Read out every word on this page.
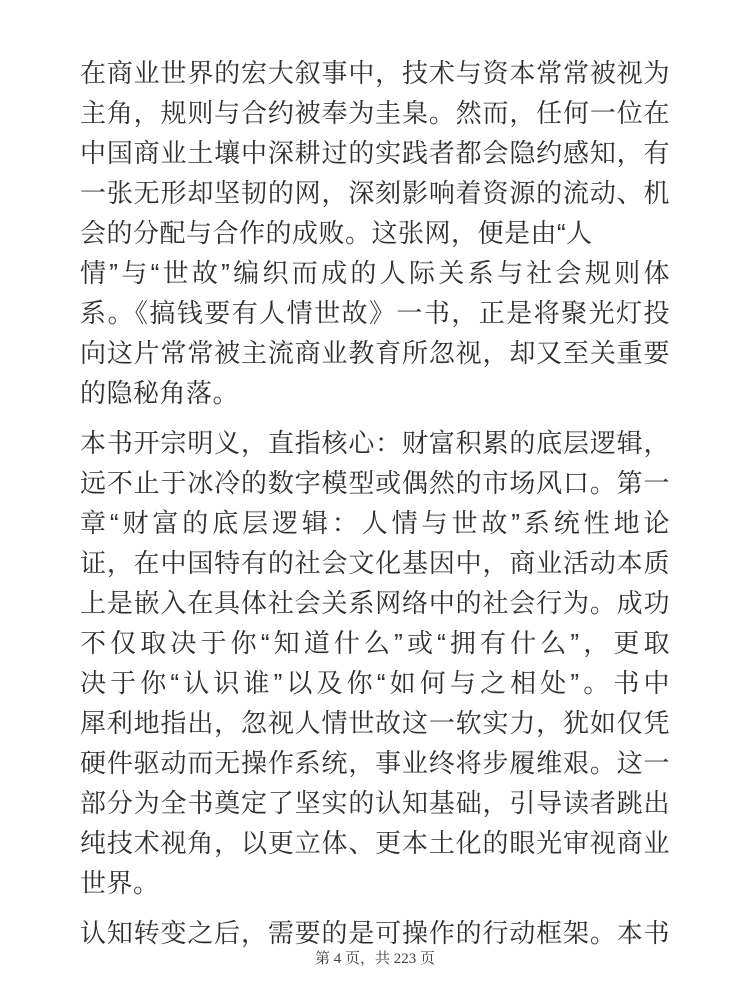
在商业世界的宏大叙事中，技术与资本常常被视为
主角，规则与合约被奉为圭臬。然而，任何一位在
中国商业土壤中深耕过的实践者都会隐约感知，有
一张无形却坚韧的网，深刻影响着资源的流动、机
会的分配与合作的成败。这张网，便是由“人
情”与“世故”编织而成的人际关系与社会规则体
系。《搞钱要有人情世故》一书，正是将聚光灯投
向这片常常被主流商业教育所忽视，却又至关重要
的隐秘角落。

本书开宗明义，直指核心：财富积累的底层逻辑，
远不止于冰冷的数字模型或偶然的市场风口。第一
章“财富的底层逻辑：人情与世故”系统性地论
证，在中国特有的社会文化基因中，商业活动本质
上是嵌入在具体社会关系网络中的社会行为。成功
不仅取决于你“知道什么”或“拥有什么”，更取
决于你“认识谁”以及你“如何与之相处”。书中
犀利地指出，忽视人情世故这一软实力，犹如仅凭
硬件驱动而无操作系统，事业终将步履维艰。这一
部分为全书奠定了坚实的认知基础，引导读者跳出
纯技术视角，以更立体、更本土化的眼光审视商业
世界。

认知转变之后，需要的是可操作的行动框架。本书

第 4 页，共 223 页
